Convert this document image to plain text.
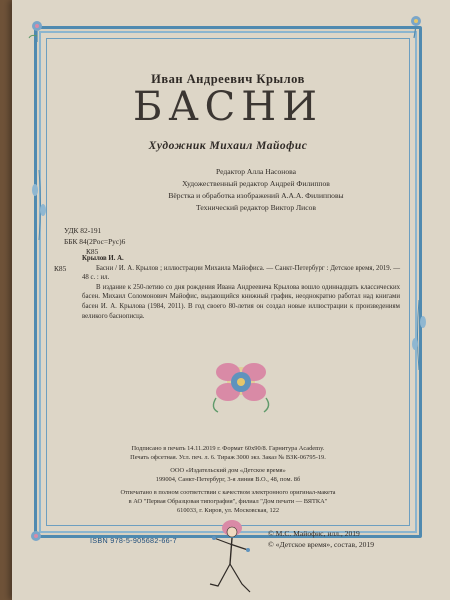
Иван Андреевич Крылов
БАСНИ
Художник Михаил Майофис
Редактор Алла Насонова
Художественный редактор Андрей Филиппов
Вёрстка и обработка изображений А.А.А. Филипповы
Технический редактор Виктор Лисов
УДК 82-191
ББК 84(2Рос=Рус)6
К85
К85

Крылов И. А.

Басни / И. А. Крылов ; иллюстрации Михаила Майофиса. — Санкт-Петербург : Детское время, 2019. — 48 с. : ил.

В издание к 250-летию со дня рождения Ивана Андреевича Крылова вошло одиннадцать классических басен. Михаил Соломонович Майофис, выдающийся книжный график, неоднократно работал над книгами басен И. А. Крылова (1984, 2011). В год своего 80-летия он создал новые иллюстрации к произведениям великого баснописца.

Подписано в печать 14.11.2019 г. Формат 60х90/8. Гарнитура Academy.
Печать офсетная. Усл. печ. л. 6. Тираж 3000 экз. Заказ № ВЗК-06795-19.
ООО «Издательский дом «Детское время»
199004, Санкт-Петербург, 3-я линия В.О., 48, пом. 8б
Отпечатано в полном соответствии с качеством электронного оригинал-макета
в АО "Первая Образцовая типография", филиал "Дом печати — ВЯТКА"
610033, г. Киров, ул. Московская, 122
ISBN 978-5-905682-66-7
© М.С. Майофис, илл., 2019
© «Детское время», состав, 2019
